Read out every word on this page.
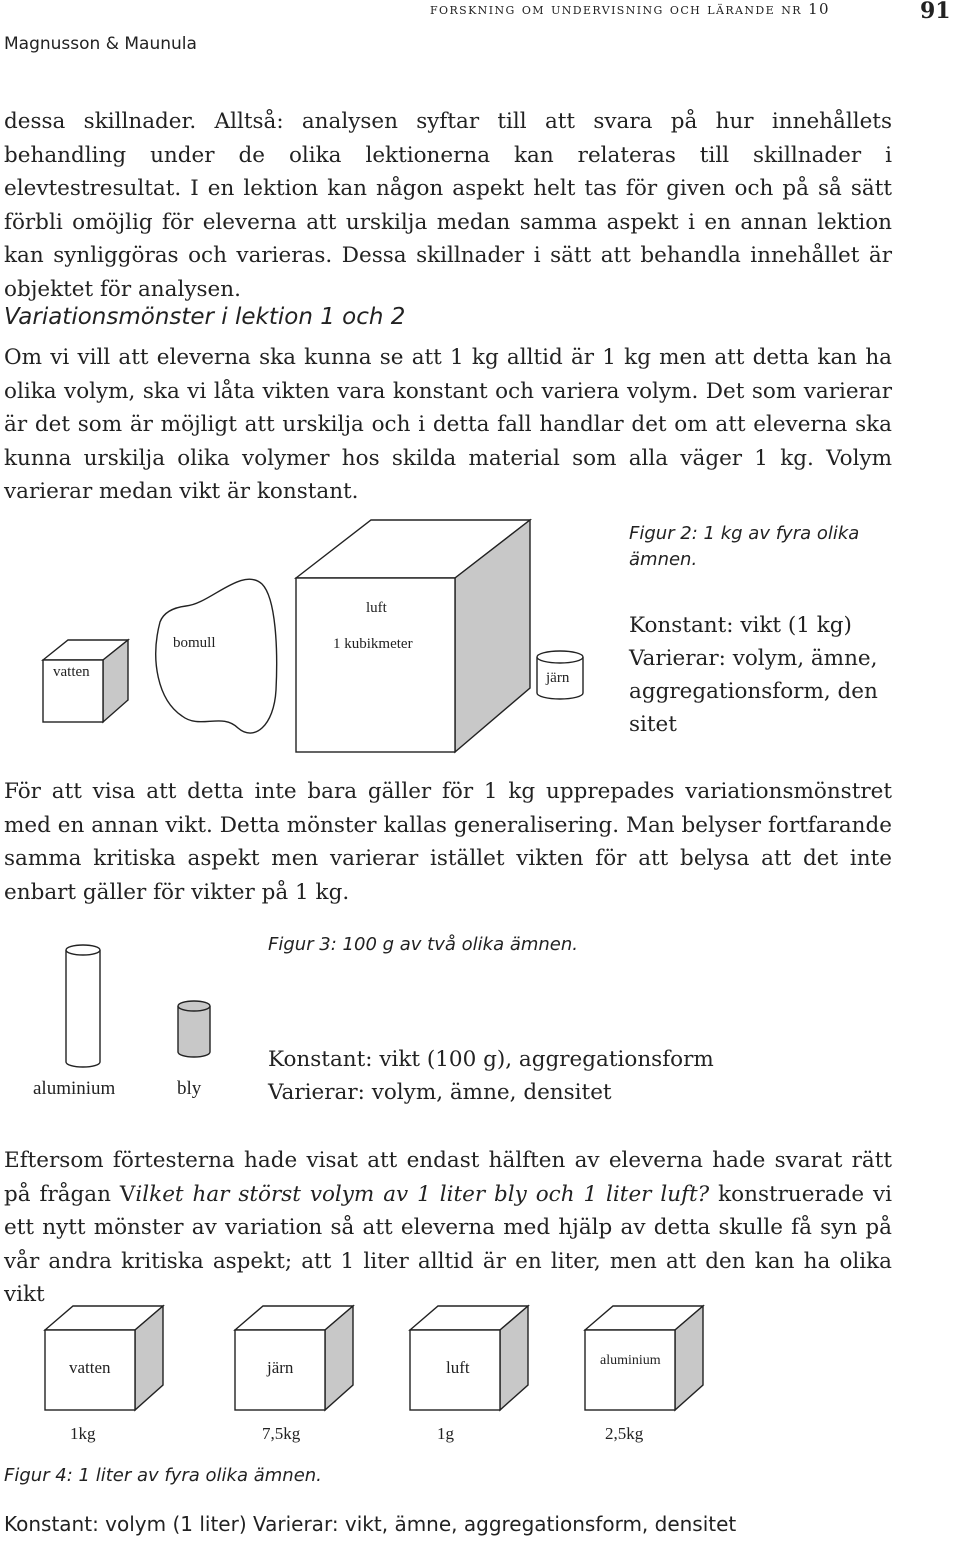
forskning om undervisning och lärande nr 10	91
Magnusson & Maunula
dessa skillnader. Alltså: analysen syftar till att svara på hur innehållets behandling under de olika lektionerna kan relateras till skillnader i elevtestresultat. I en lektion kan någon aspekt helt tas för given och på så sätt förbli omöjlig för eleverna att urskilja medan samma aspekt i en annan lektion kan synliggöras och varieras. Dessa skillnader i sätt att behandla innehållet är objektet för analysen.
Variationsmönster i lektion 1 och 2
Om vi vill att eleverna ska kunna se att 1 kg alltid är 1 kg men att detta kan ha olika volym, ska vi låta vikten vara konstant och variera volym. Det som varierar är det som är möjligt att urskilja och i detta fall handlar det om att eleverna ska kunna urskilja olika volymer hos skilda material som alla väger 1 kg. Volym varierar medan vikt är konstant.
vatten
bomull
luft
1 kubikmeter
järn
Figur 2: 1 kg av fyra olika ämnen.
Konstant: vikt (1 kg)
Varierar: volym, ämne,
aggregationsform, den
sitet
För att visa att detta inte bara gäller för 1 kg upprepades variationsmönstret med en annan vikt. Detta mönster kallas generalisering. Man belyser fortfarande samma kritiska aspekt men varierar istället vikten för att belysa att det inte enbart gäller för vikter på 1 kg.
Figur 3: 100 g av två olika ämnen.
aluminium	bly
Konstant: vikt (100 g), aggregationsform
Varierar: volym, ämne, densitet
Eftersom förtesterna hade visat att endast hälften av eleverna hade svarat rätt på frågan Vilket har störst volym av 1 liter bly och 1 liter luft? konstruerade vi ett nytt mönster av variation så att eleverna med hjälp av detta skulle få syn på vår andra kritiska aspekt; att 1 liter alltid är en liter, men att den kan ha olika vikt
vatten	järn	luft	aluminium
1kg	7,5kg	1g	2,5kg
Figur 4: 1 liter av fyra olika ämnen.
Konstant: volym (1 liter) Varierar: vikt, ämne, aggregationsform, densitet
